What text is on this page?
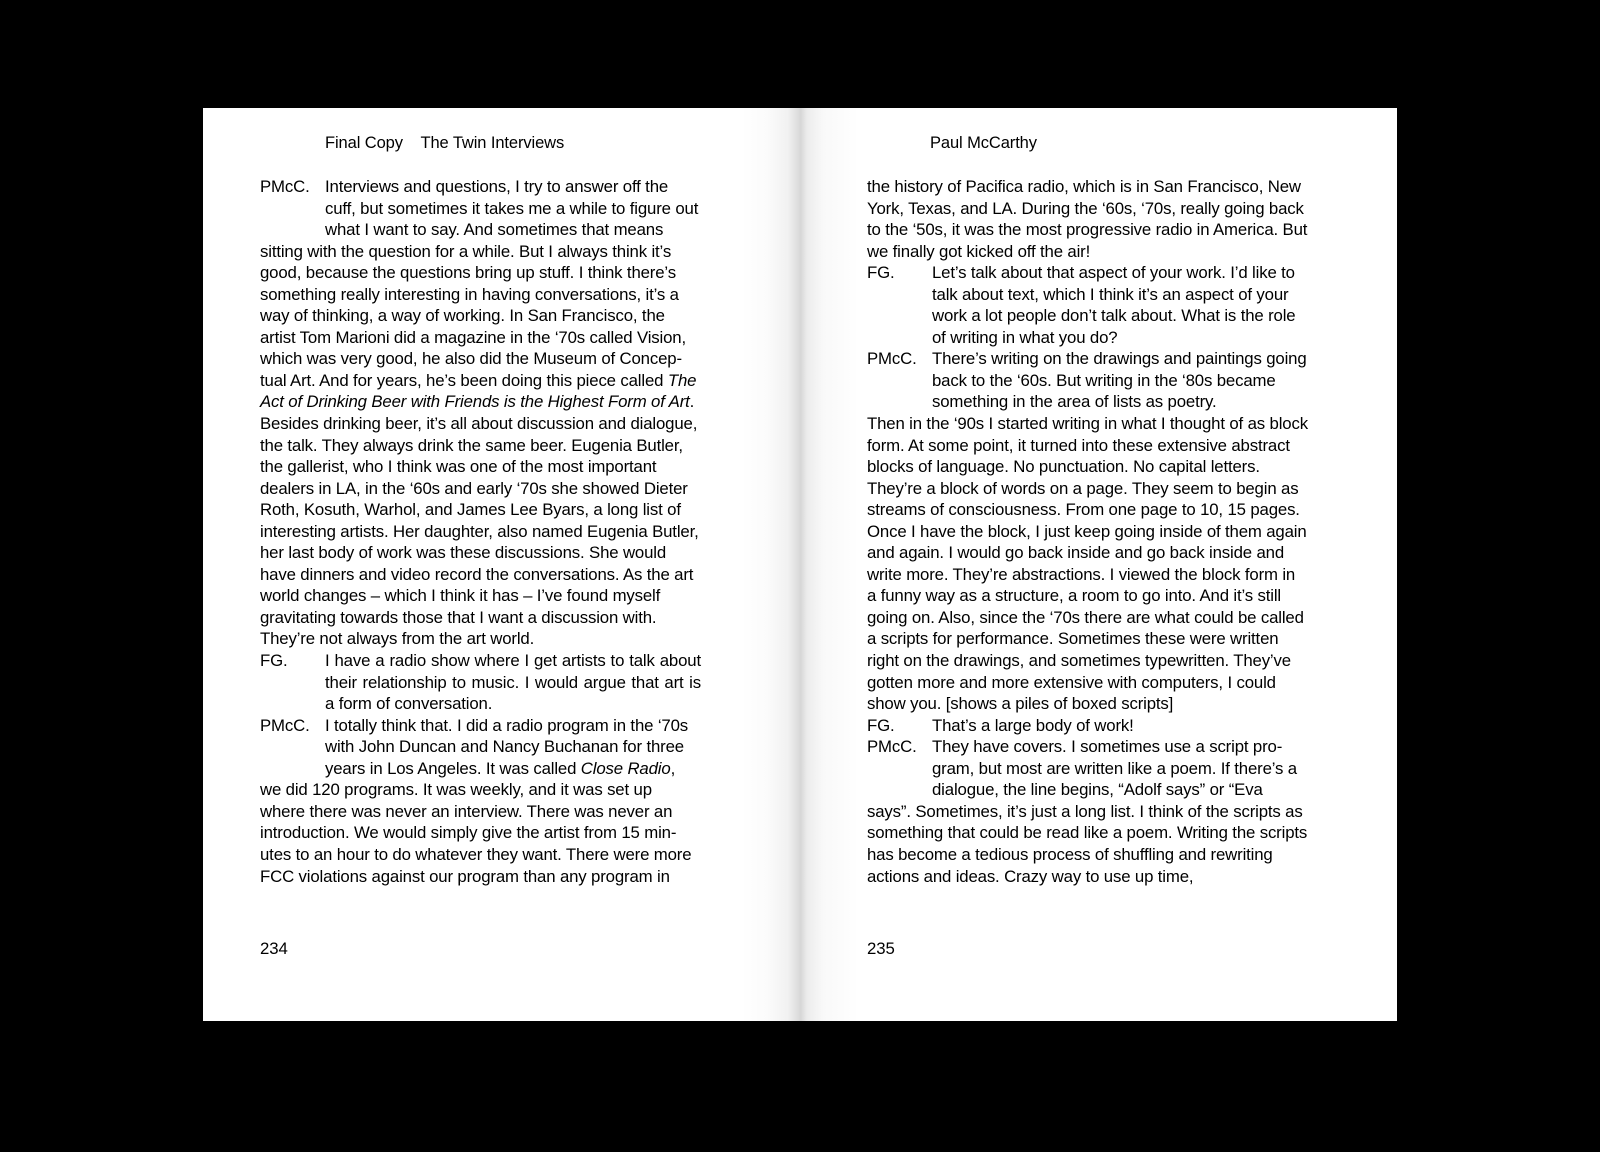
Final Copy    The Twin Interviews
PMcC. Interviews and questions, I try to answer off the cuff, but sometimes it takes me a while to figure out what I want to say. And sometimes that means
sitting with the question for a while. But I always think it’s good, because the questions bring up stuff. I think there’s something really interesting in having conversations, it’s a way of thinking, a way of working. In San Francisco, the artist Tom Marioni did a magazine in the ‘70s called Vision, which was very good, he also did the Museum of Concep-tual Art. And for years, he’s been doing this piece called The Act of Drinking Beer with Friends is the Highest Form of Art. Besides drinking beer, it’s all about discussion and dialogue, the talk. They always drink the same beer. Eugenia Butler, the gallerist, who I think was one of the most important dealers in LA, in the ‘60s and early ‘70s she showed Dieter Roth, Kosuth, Warhol, and James Lee Byars, a long list of interesting artists. Her daughter, also named Eugenia Butler, her last body of work was these discussions. She would have dinners and video record the conversations. As the art world changes – which I think it has – I’ve found myself gravitating towards those that I want a discussion with. They’re not always from the art world.
FG. I have a radio show where I get artists to talk about their relationship to music. I would argue that art is a form of conversation.
PMcC. I totally think that. I did a radio program in the ‘70s with John Duncan and Nancy Buchanan for three years in Los Angeles. It was called Close Radio,
we did 120 programs. It was weekly, and it was set up where there was never an interview. There was never an introduction. We would simply give the artist from 15 min-utes to an hour to do whatever they want. There were more FCC violations against our program than any program in
234
Paul McCarthy
the history of Pacifica radio, which is in San Francisco, New York, Texas, and LA. During the ‘60s, ‘70s, really going back to the ‘50s, it was the most progressive radio in America. But we finally got kicked off the air!
FG. Let’s talk about that aspect of your work. I’d like to talk about text, which I think it’s an aspect of your work a lot people don’t talk about. What is the role of writing in what you do?
PMcC. There’s writing on the drawings and paintings going back to the ‘60s. But writing in the ‘80s became something in the area of lists as poetry.
Then in the ‘90s I started writing in what I thought of as block form. At some point, it turned into these extensive abstract blocks of language. No punctuation. No capital letters. They’re a block of words on a page. They seem to begin as streams of consciousness. From one page to 10, 15 pages. Once I have the block, I just keep going inside of them again and again. I would go back inside and go back inside and write more. They’re abstractions. I viewed the block form in a funny way as a structure, a room to go into. And it’s still going on. Also, since the ‘70s there are what could be called a scripts for performance. Sometimes these were written right on the drawings, and sometimes typewritten. They’ve gotten more and more extensive with computers, I could show you. [shows a piles of boxed scripts]
FG. That’s a large body of work!
PMcC. They have covers. I sometimes use a script pro-gram, but most are written like a poem. If there’s a dialogue, the line begins, “Adolf says” or “Eva
says”. Sometimes, it’s just a long list. I think of the scripts as something that could be read like a poem. Writing the scripts has become a tedious process of shuffling and rewriting actions and ideas. Crazy way to use up time,
235
